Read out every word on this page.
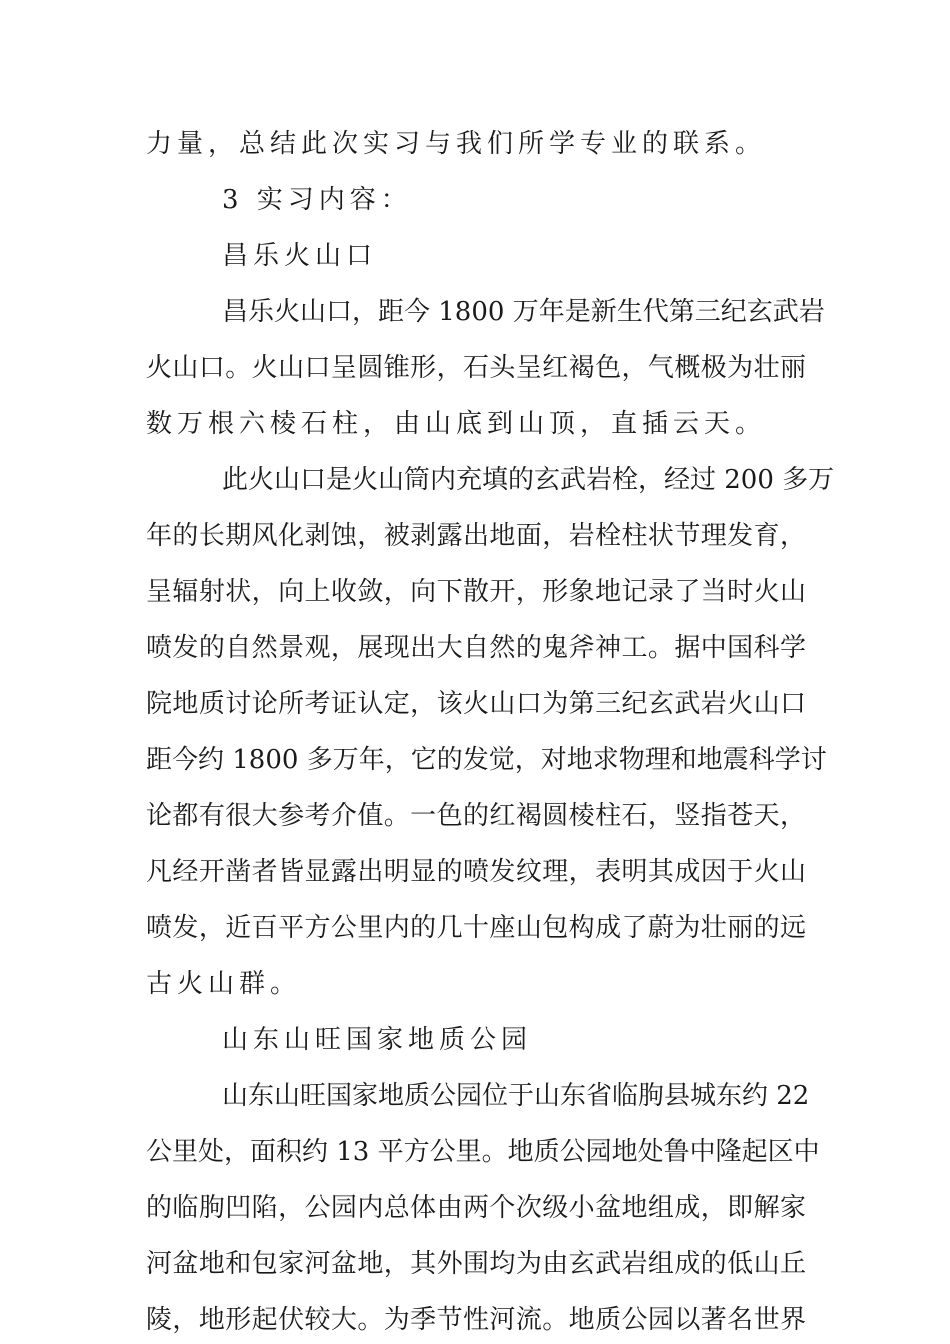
力量，总结此次实习与我们所学专业的联系。
3 实习内容：
昌乐火山口
昌乐火山口，距今 1800 万年是新生代第三纪玄武岩
火山口。火山口呈圆锥形，石头呈红褐色，气概极为壮丽
数万根六棱石柱，由山底到山顶，直插云天。
此火山口是火山筒内充填的玄武岩栓，经过 200 多万
年的长期风化剥蚀，被剥露出地面，岩栓柱状节理发育，
呈辐射状，向上收敛，向下散开，形象地记录了当时火山
喷发的自然景观，展现出大自然的鬼斧神工。据中国科学
院地质讨论所考证认定，该火山口为第三纪玄武岩火山口
距今约 1800 多万年，它的发觉，对地求物理和地震科学讨
论都有很大参考介值。一色的红褐圆棱柱石，竖指苍天，
凡经开凿者皆显露出明显的喷发纹理，表明其成因于火山
喷发，近百平方公里内的几十座山包构成了蔚为壮丽的远
古火山群。
山东山旺国家地质公园
山东山旺国家地质公园位于山东省临朐县城东约 22
公里处，面积约 13 平方公里。地质公园地处鲁中隆起区中
的临朐凹陷，公园内总体由两个次级小盆地组成，即解家
河盆地和包家河盆地，其外围均为由玄武岩组成的低山丘
陵，地形起伏较大。为季节性河流。地质公园以著名世界
